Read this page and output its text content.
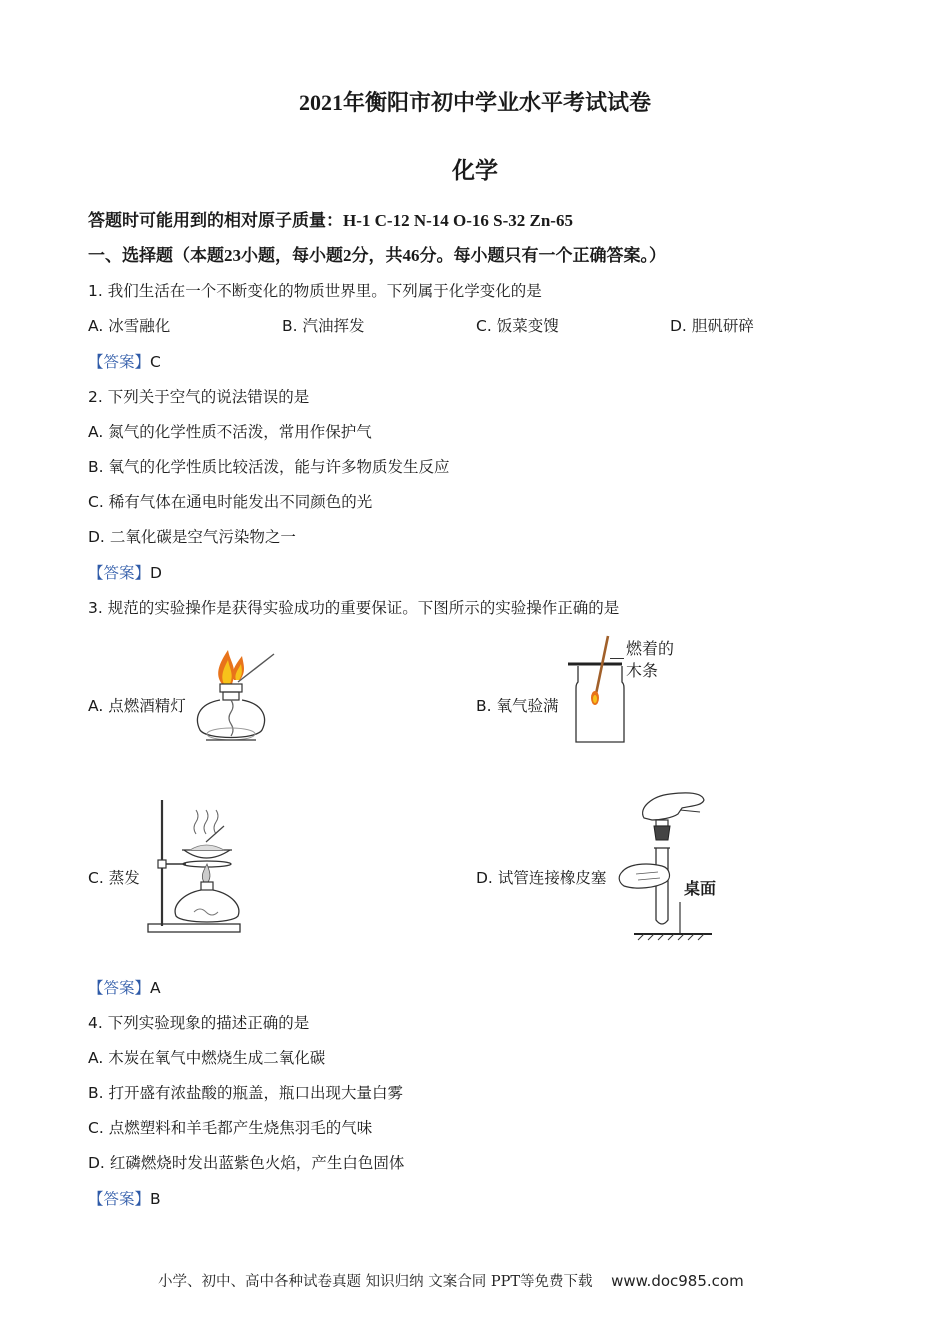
2021年衡阳市初中学业水平考试试卷
化学
答题时可能用到的相对原子质量：H-1 C-12 N-14 O-16 S-32 Zn-65
一、选择题（本题23小题，每小题2分，共46分。每小题只有一个正确答案。）
1. 我们生活在一个不断变化的物质世界里。下列属于化学变化的是
A. 冰雪融化	B. 汽油挥发	C. 饭菜变馊	D. 胆矾研碎
【答案】C
2. 下列关于空气的说法错误的是
A. 氮气的化学性质不活泼，常用作保护气
B. 氧气的化学性质比较活泼，能与许多物质发生反应
C. 稀有气体在通电时能发出不同颜色的光
D. 二氧化碳是空气污染物之一
【答案】D
3. 规范的实验操作是获得实验成功的重要保证。下图所示的实验操作正确的是
A. 点燃酒精灯	B. 氧气验满
燃着的
木条
C. 蒸发	D. 试管连接橡皮塞
桌面
【答案】A
4. 下列实验现象的描述正确的是
A. 木炭在氧气中燃烧生成二氧化碳
B. 打开盛有浓盐酸的瓶盖，瓶口出现大量白雾
C. 点燃塑料和羊毛都产生烧焦羽毛的气味
D. 红磷燃烧时发出蓝紫色火焰，产生白色固体
【答案】B
小学、初中、高中各种试卷真题 知识归纳 文案合同 PPT等免费下载 www.doc985.com
